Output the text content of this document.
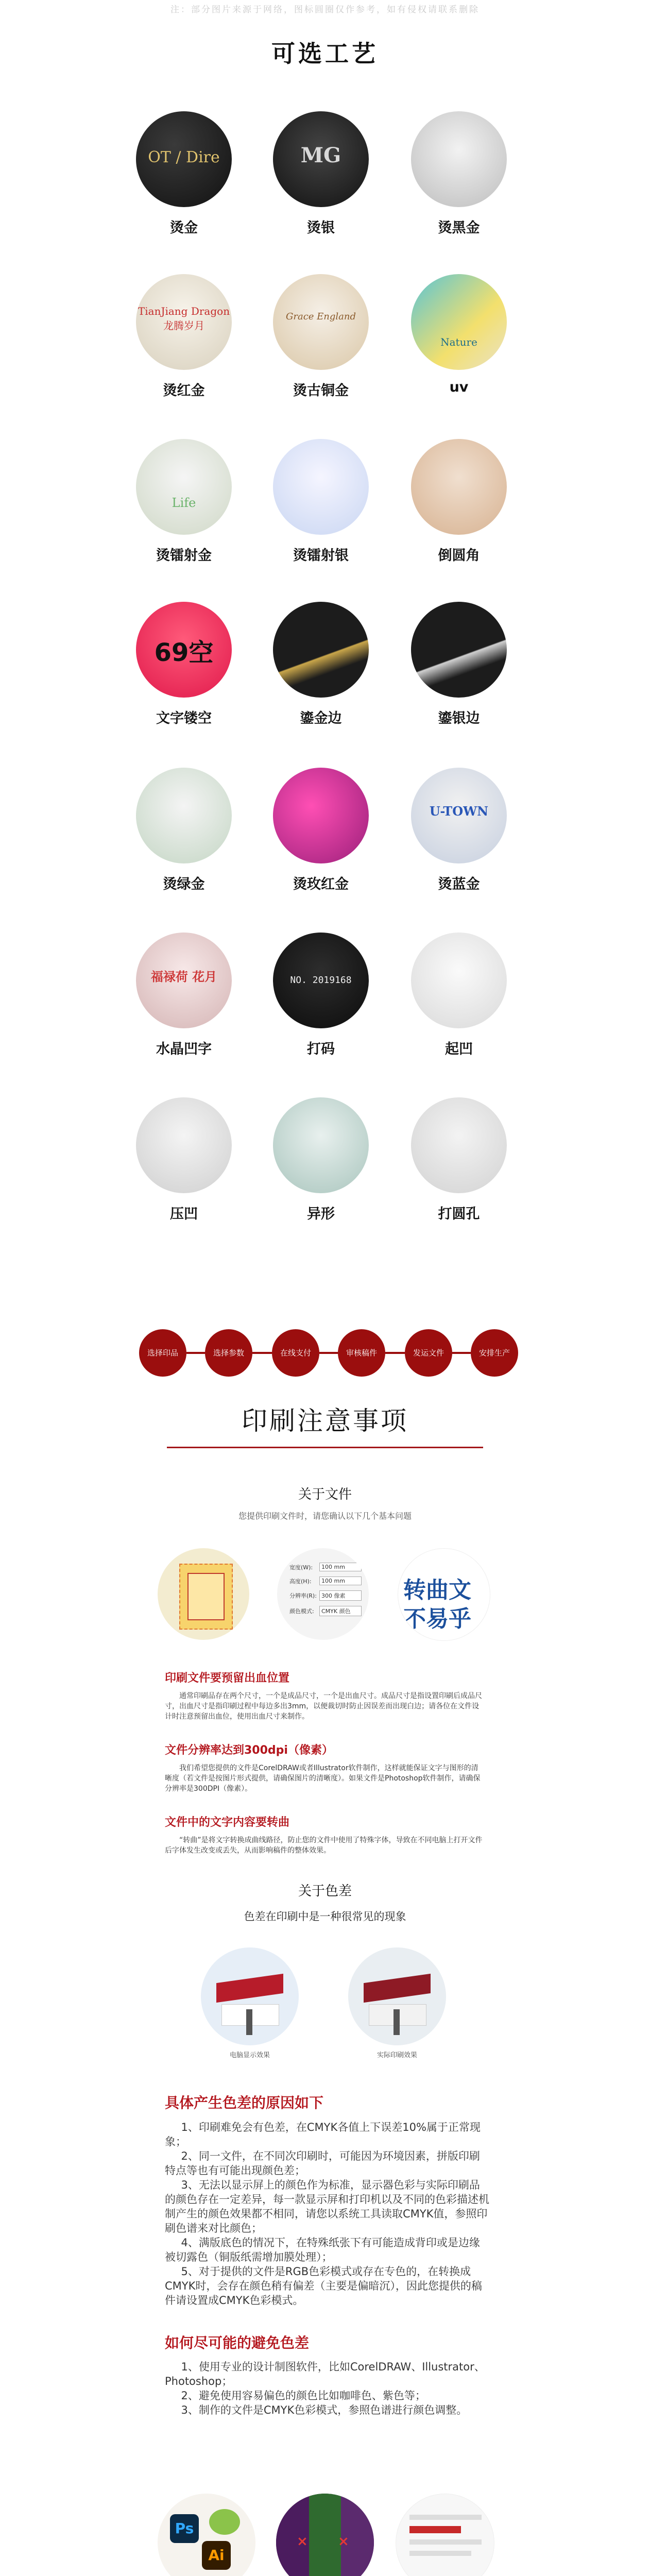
注：部分图片来源于网络，图标圆圈仅作参考，如有侵权请联系删除
可选工艺
OT / Dire
烫金
MG
烫银	烫黑金
TianJiang Dragon 龙腾岁月
烫红金
Grace England
烫古铜金
Nature
uv
Life
烫镭射金	烫镭射银	倒圆角
69空
文字镂空	鎏金边	鎏银边
烫绿金	烫玫红金
U-TOWN
烫蓝金
福禄荷 花月
水晶凹字
NO. 2019168
打码	起凹
压凹	异形	打圆孔
选择印品	选择参数	在线支付	审核稿件	发运文件	安排生产
印刷注意事项
关于文件
您提供印刷文件时，请您确认以下几个基本问题
宽度(W):	100 mm
高度(H):	100 mm
分辨率(R): 300 像素
颜色模式:	CMYK 颜色
转曲文
不易乎
印刷文件要预留出血位置
通常印刷品存在两个尺寸，一个是成品尺寸，一个是出血尺寸。成品尺寸是指设置印刷后成品尺寸，出血尺寸是指印刷过程中每边多出3mm，以便裁切时防止因误差而出现白边；请各位在文件设计时注意预留出血位，使用出血尺寸来制作。
文件分辨率达到300dpi（像素）
我们希望您提供的文件是CorelDRAW或者Illustrator软件制作，这样就能保证文字与图形的清晰度（若文件是按图片形式提供，请确保图片的清晰度）。如果文件是Photoshop软件制作，请确保分辨率是300DPI（像素）。
文件中的文字内容要转曲
“转曲”是将文字转换成曲线路径，防止您的文件中使用了特殊字体，导致在不同电脑上打开文件后字体发生改变或丢失，从而影响稿件的整体效果。
关于色差
色差在印刷中是一种很常见的现象
电脑显示效果	实际印刷效果
具体产生色差的原因如下
1、印刷难免会有色差，在CMYK各值上下误差10%属于正常现象；
2、同一文件，在不同次印刷时，可能因为环境因素，拼版印刷特点等也有可能出现颜色差；
3、无法以显示屏上的颜色作为标准，显示器色彩与实际印刷品的颜色存在一定差异，每一款显示屏和打印机以及不同的色彩描述机制产生的颜色效果都不相同，请您以系统工具读取CMYK值，参照印刷色谱来对比颜色；
4、满版底色的情况下，在特殊纸张下有可能造成背印或是边缘被切露色（铜版纸需增加膜处理）；
5、对于提供的文件是RGB色彩模式或存在专色的，在转换成CMYK时，会存在颜色稍有偏差（主要是偏暗沉），因此您提供的稿件请设置成CMYK色彩模式。
如何尽可能的避免色差
1、使用专业的设计制图软件，比如CorelDRAW、Illustrator、Photoshop；
2、避免使用容易偏色的颜色比如咖啡色、紫色等；
3、制作的文件是CMYK色彩模式，参照色谱进行颜色调整。
Ps
Ai
× ×
